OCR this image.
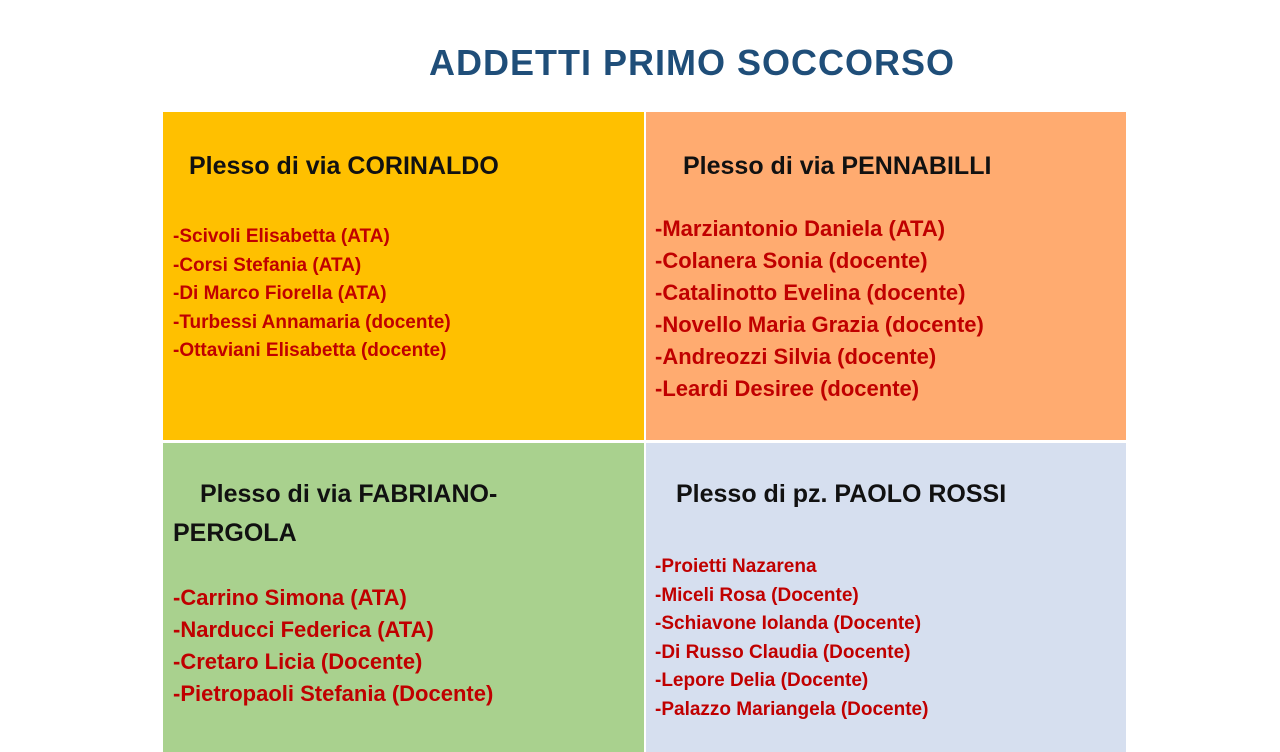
ADDETTI PRIMO SOCCORSO
Plesso di via CORINALDO
-Scivoli Elisabetta (ATA)
-Corsi Stefania (ATA)
-Di Marco Fiorella (ATA)
-Turbessi Annamaria (docente)
-Ottaviani Elisabetta (docente)
Plesso di via PENNABILLI
-Marziantonio Daniela (ATA)
-Colanera Sonia (docente)
-Catalinotto Evelina (docente)
-Novello Maria Grazia (docente)
-Andreozzi Silvia (docente)
-Leardi Desiree (docente)
Plesso di via FABRIANO-
PERGOLA
-Carrino Simona (ATA)
-Narducci Federica (ATA)
-Cretaro Licia (Docente)
-Pietropaoli Stefania (Docente)
Plesso di pz. PAOLO ROSSI
-Proietti Nazarena
-Miceli Rosa (Docente)
-Schiavone Iolanda (Docente)
-Di Russo Claudia (Docente)
-Lepore Delia (Docente)
-Palazzo Mariangela (Docente)
